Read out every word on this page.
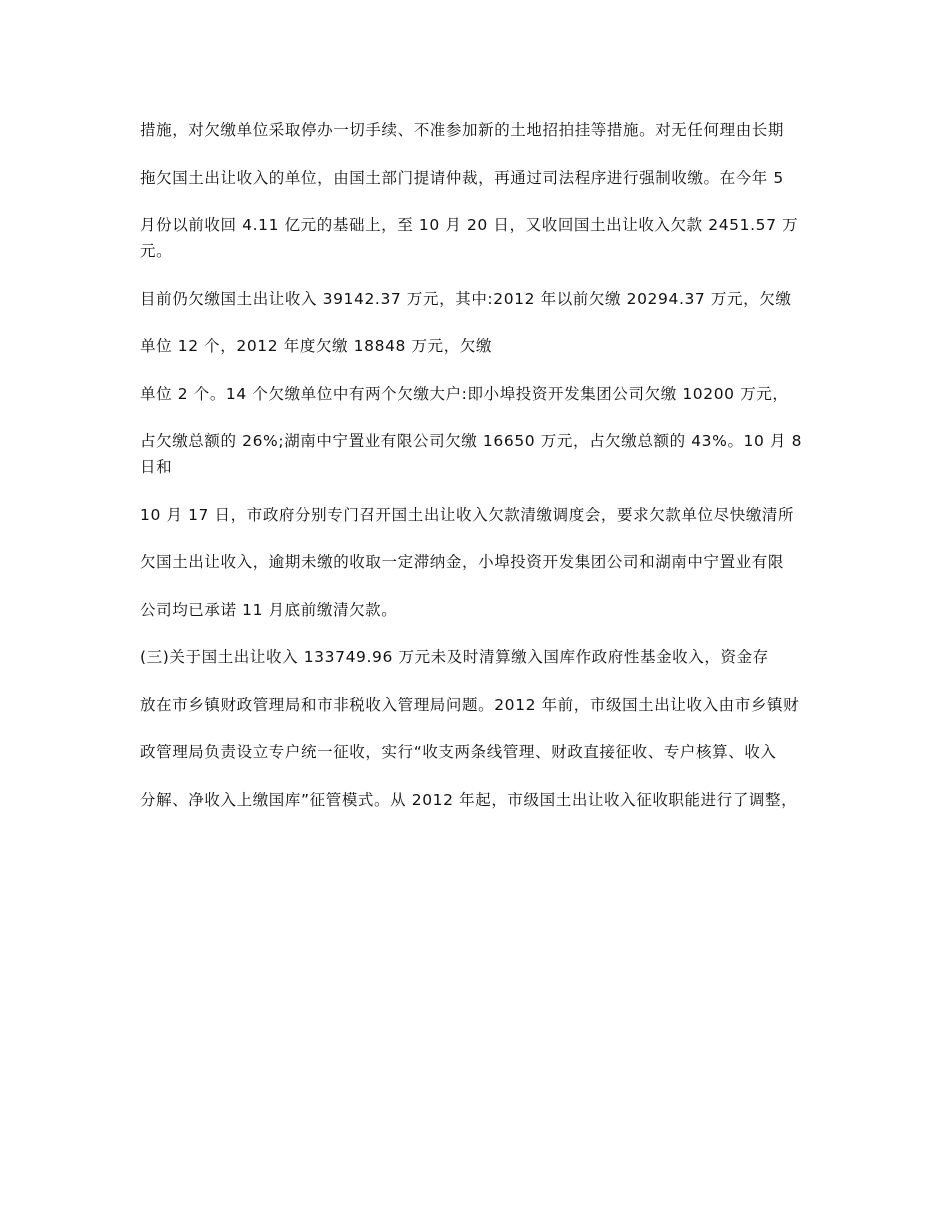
措施，对欠缴单位采取停办一切手续、不准参加新的土地招拍挂等措施。对无任何理由长期

拖欠国土出让收入的单位，由国土部门提请仲裁，再通过司法程序进行强制收缴。在今年 5

月份以前收回 4.11 亿元的基础上，至 10 月 20 日，又收回国土出让收入欠款 2451.57 万元。

目前仍欠缴国土出让收入 39142.37 万元，其中:2012 年以前欠缴 20294.37 万元，欠缴

单位 12 个，2012 年度欠缴 18848 万元，欠缴

单位 2 个。14 个欠缴单位中有两个欠缴大户:即小埠投资开发集团公司欠缴 10200 万元，

占欠缴总额的 26%;湖南中宁置业有限公司欠缴 16650 万元，占欠缴总额的 43%。10 月 8 日和

10 月 17 日，市政府分别专门召开国土出让收入欠款清缴调度会，要求欠款单位尽快缴清所

欠国土出让收入，逾期未缴的收取一定滞纳金，小埠投资开发集团公司和湖南中宁置业有限

公司均已承诺 11 月底前缴清欠款。

(三)关于国土出让收入 133749.96 万元未及时清算缴入国库作政府性基金收入，资金存

放在市乡镇财政管理局和市非税收入管理局问题。2012 年前，市级国土出让收入由市乡镇财

政管理局负责设立专户统一征收，实行“收支两条线管理、财政直接征收、专户核算、收入

分解、净收入上缴国库”征管模式。从 2012 年起，市级国土出让收入征收职能进行了调整，
